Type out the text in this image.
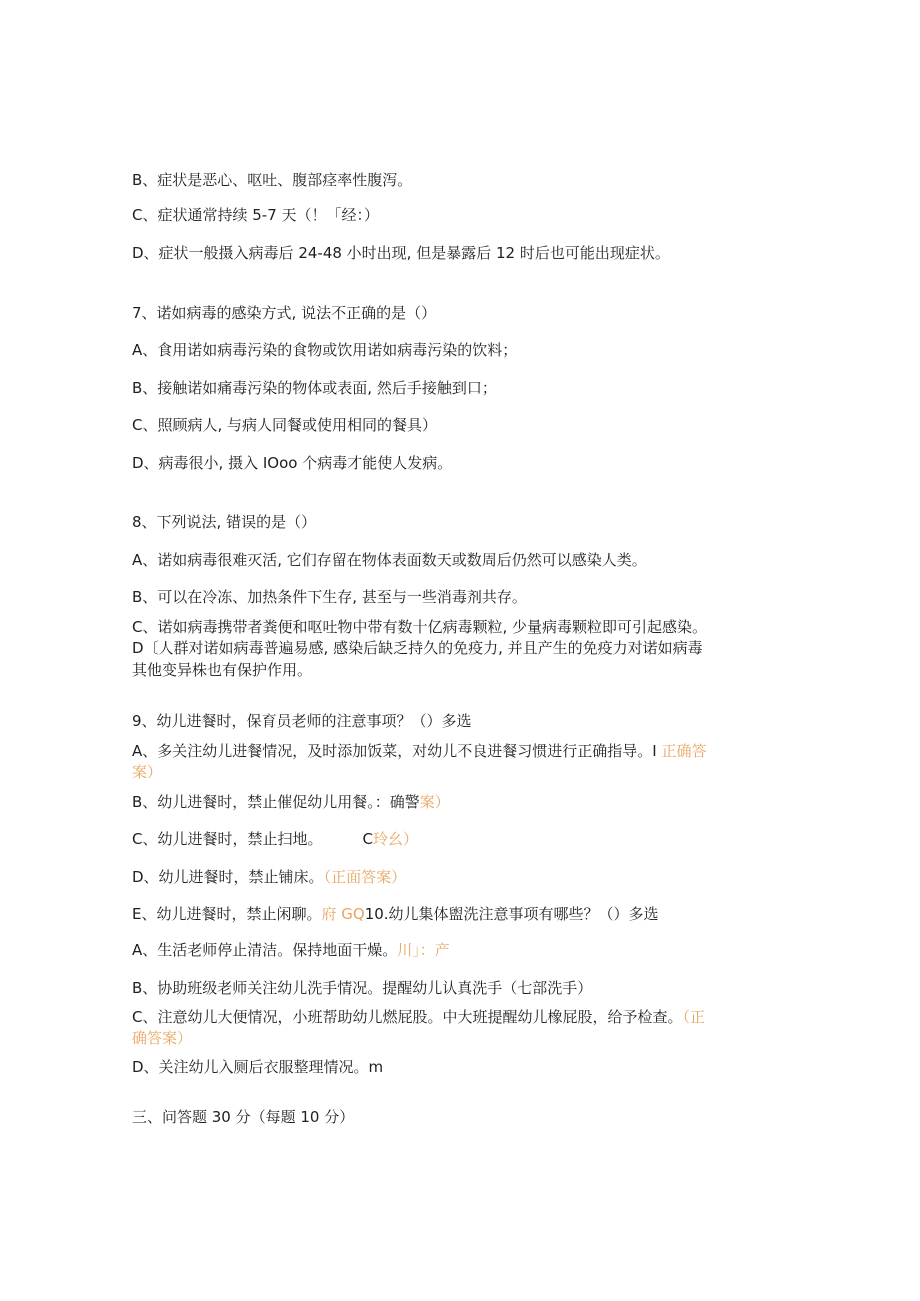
B、症状是恶心、呕吐、腹部痉率性腹泻。
C、症状通常持续 5-7 天（！「经：）
D、症状一般摄入病毒后 24-48 小时出现, 但是暴露后 12 时后也可能出现症状。
7、诺如病毒的感染方式, 说法不正确的是（）
A、食用诺如病毒污染的食物或饮用诺如病毒污染的饮料；
B、接触诺如痛毒污染的物体或表面, 然后手接触到口；
C、照顾病人, 与病人同餐或使用相同的餐具）
D、病毒很小, 摄入 IOoo 个病毒才能使人发病。
8、下列说法, 错误的是（）
A、诺如病毒很难灭活, 它们存留在物体表面数天或数周后仍然可以感染人类。
B、可以在冷冻、加热条件下生存, 甚至与一些消毒剂共存。
C、诺如病毒携带者粪便和呕吐物中带有数十亿病毒颗粒, 少量病毒颗粒即可引起感染。
D〔人群对诺如病毒普遍易感, 感染后缺乏持久的免疫力, 并且产生的免疫力对诺如病毒
其他变异株也有保护作用。
9、幼儿进餐时，保育员老师的注意事项？（）多选
A、多关注幼儿进餐情况，及时添加饭菜，对幼儿不良进餐习惯进行正确指导。I 正确答
案）
B、幼儿进餐时，禁止催促幼儿用餐。：确警案）
C、幼儿进餐时，禁止扫地。	C玲幺）
D、幼儿进餐时，禁止铺床。（正面答案）
E、幼儿进餐时，禁止闲聊。府 GQ10.幼儿集体盥洗注意事项有哪些？（）多选
A、生活老师停止清洁。保持地面干燥。川」：产
B、协助班级老师关注幼儿洗手情况。提醒幼儿认真洗手（七部洗手）
C、注意幼儿大便情况，小班帮助幼儿燃屁股。中大班提醒幼儿橡屁股，给予检查。（正
确答案）
D、关注幼儿入厕后衣服整理情况。m
三、问答题 30 分（每题 10 分）
